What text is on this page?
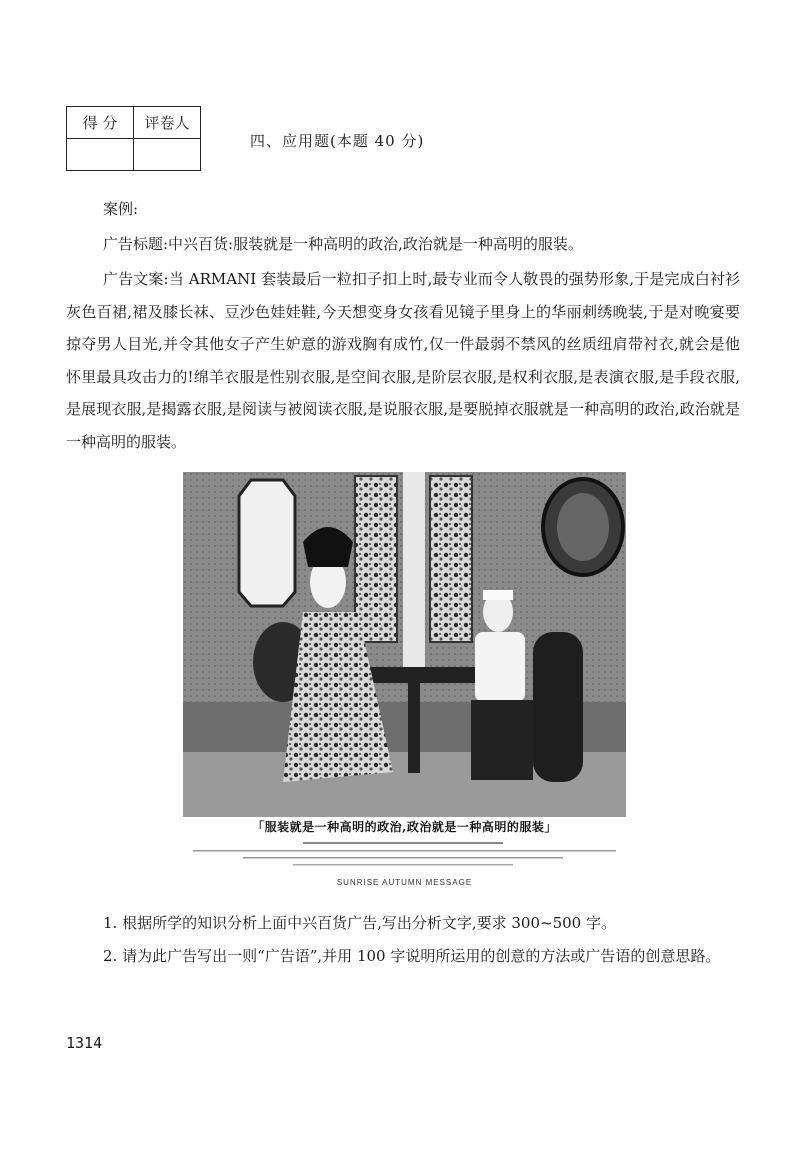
得 分	评卷人

四、应用题(本题 40 分)
案例:
广告标题:中兴百货:服装就是一种高明的政治,政治就是一种高明的服装。

广告文案:当 ARMANI 套装最后一粒扣子扣上时,最专业而令人敬畏的强势形象,于是完成白衬衫灰色百裙,裙及膝长袜、豆沙色娃娃鞋,今天想变身女孩看见镜子里身上的华丽刺绣晚装,于是对晚宴要掠夺男人目光,并令其他女子产生妒意的游戏胸有成竹,仅一件最弱不禁风的丝质纽肩带衬衣,就会是他怀里最具攻击力的!绵羊衣服是性别衣服,是空间衣服,是阶层衣服,是权利衣服,是表演衣服,是手段衣服,是展现衣服,是揭露衣服,是阅读与被阅读衣服,是说服衣服,是要脱掉衣服就是一种高明的政治,政治就是一种高明的服装。

「服装就是一种高明的政治,政治就是一种高明的服装」
SUNRISE AUTUMN MESSAGE

1. 根据所学的知识分析上面中兴百货广告,写出分析文字,要求 300~500 字。

2. 请为此广告写出一则“广告语”,并用 100 字说明所运用的创意的方法或广告语的创意思路。

1314
